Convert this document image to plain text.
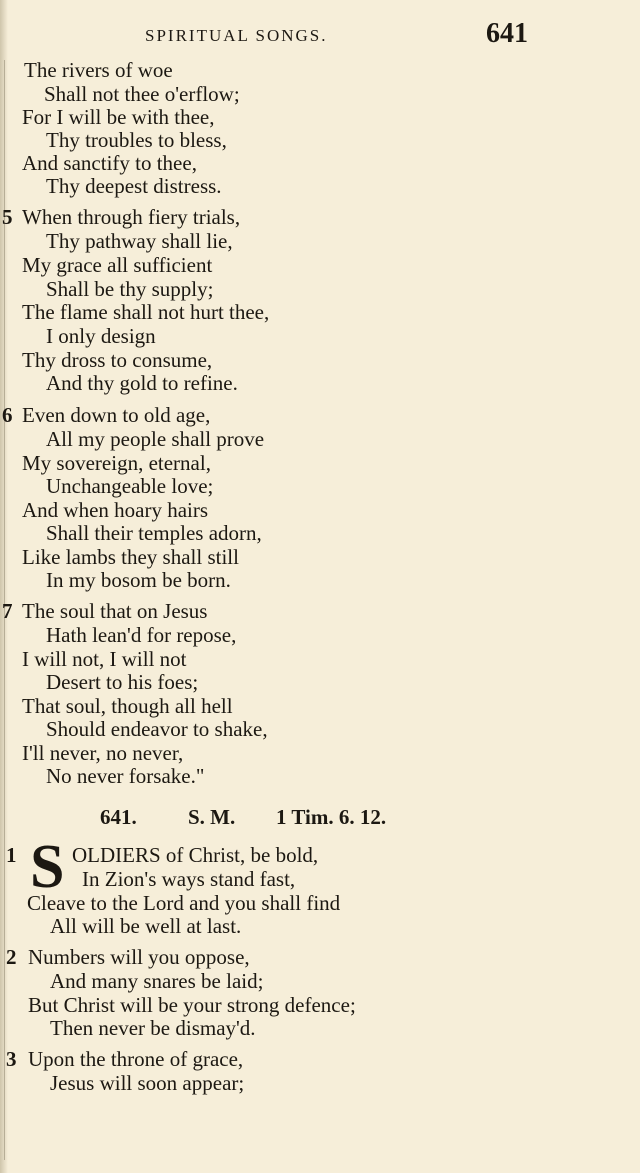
SPIRITUAL SONGS.	641
The rivers of woe
Shall not thee o'erflow;
For I will be with thee,
Thy troubles to bless,
And sanctify to thee,
Thy deepest distress.
5 When through fiery trials,
Thy pathway shall lie,
My grace all sufficient
Shall be thy supply;
The flame shall not hurt thee,
I only design
Thy dross to consume,
And thy gold to refine.
6 Even down to old age,
All my people shall prove
My sovereign, eternal,
Unchangeable love;
And when hoary hairs
Shall their temples adorn,
Like lambs they shall still
In my bosom be born.
7 The soul that on Jesus
Hath lean'd for repose,
I will not, I will not
Desert to his foes;
That soul, though all hell
Should endeavor to shake,
I'll never, no never,
No never forsake."
641. S. M. 1 Tim. 6. 12.
1 S OLDIERS of Christ, be bold,
In Zion's ways stand fast,
Cleave to the Lord and you shall find
All will be well at last.
2 Numbers will you oppose,
And many snares be laid;
But Christ will be your strong defence;
Then never be dismay'd.
3 Upon the throne of grace,
Jesus will soon appear;
